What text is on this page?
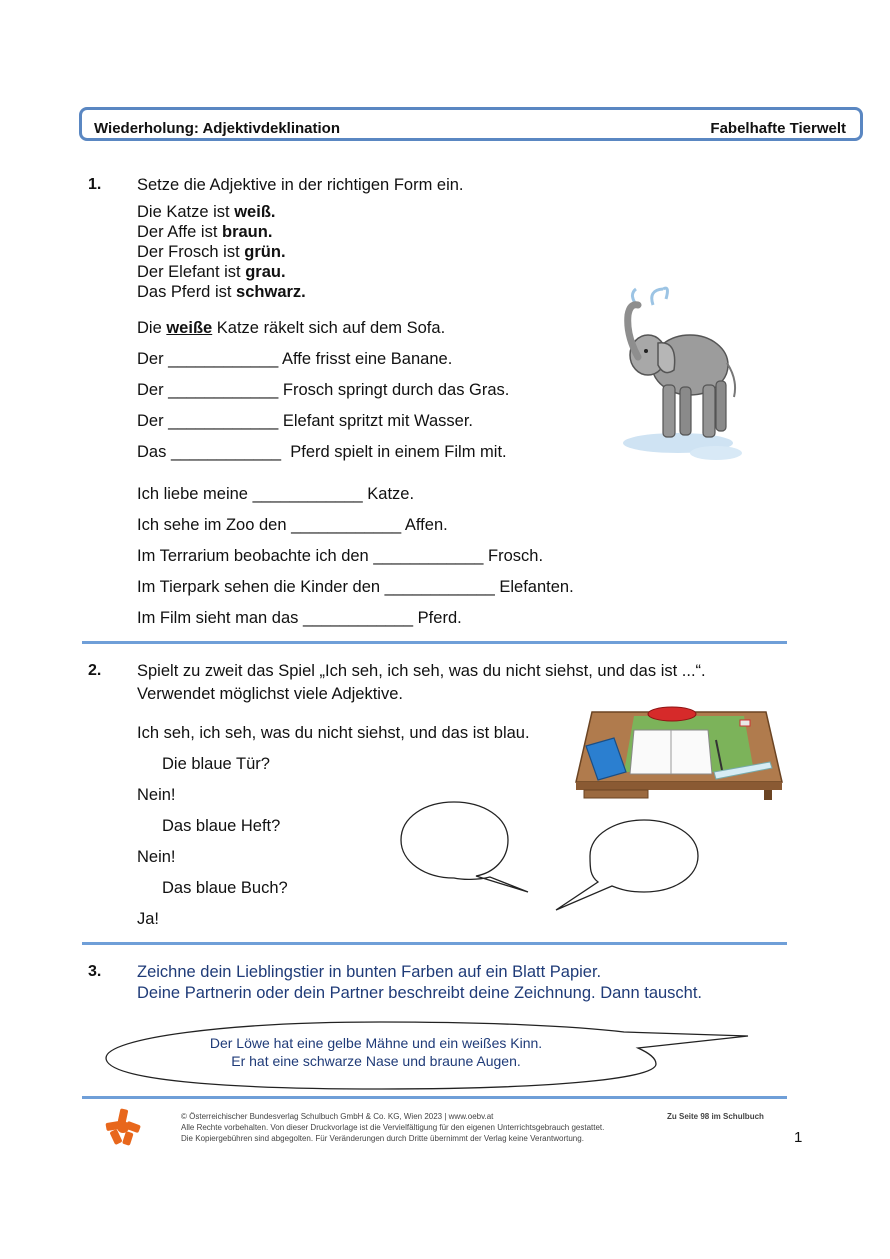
Wiederholung: Adjektivdeklination	Fabelhafte Tierwelt
1. Setze die Adjektive in der richtigen Form ein.
Die Katze ist weiß.
Der Affe ist braun.
Der Frosch ist grün.
Der Elefant ist grau.
Das Pferd ist schwarz.
Die weiße Katze räkelt sich auf dem Sofa.
Der ____________ Affe frisst eine Banane.
Der ____________ Frosch springt durch das Gras.
Der ____________ Elefant spritzt mit Wasser.
Das ____________  Pferd spielt in einem Film mit.
Ich liebe meine ____________ Katze.
Ich sehe im Zoo den ____________ Affen.
Im Terrarium beobachte ich den ____________ Frosch.
Im Tierpark sehen die Kinder den ____________ Elefanten.
Im Film sieht man das ____________ Pferd.
2. Spielt zu zweit das Spiel „Ich seh, ich seh, was du nicht siehst, und das ist ...“.
Verwendet möglichst viele Adjektive.
Ich seh, ich seh, was du nicht siehst, und das ist blau.
Die blaue Tür?
Nein!
Das blaue Heft?
Nein!
Das blaue Buch?
Ja!
3. Zeichne dein Lieblingstier in bunten Farben auf ein Blatt Papier.
Deine Partnerin oder dein Partner beschreibt deine Zeichnung. Dann tauscht.
Der Löwe hat eine gelbe Mähne und ein weißes Kinn.
Er hat eine schwarze Nase und braune Augen.
© Österreichischer Bundesverlag Schulbuch GmbH & Co. KG, Wien 2023 | www.oebv.at
Alle Rechte vorbehalten. Von dieser Druckvorlage ist die Vervielfältigung für den eigenen Unterrichtsgebrauch gestattet.
Die Kopiergebühren sind abgegolten. Für Veränderungen durch Dritte übernimmt der Verlag keine Verantwortung.
Zu Seite 98 im Schulbuch
1
